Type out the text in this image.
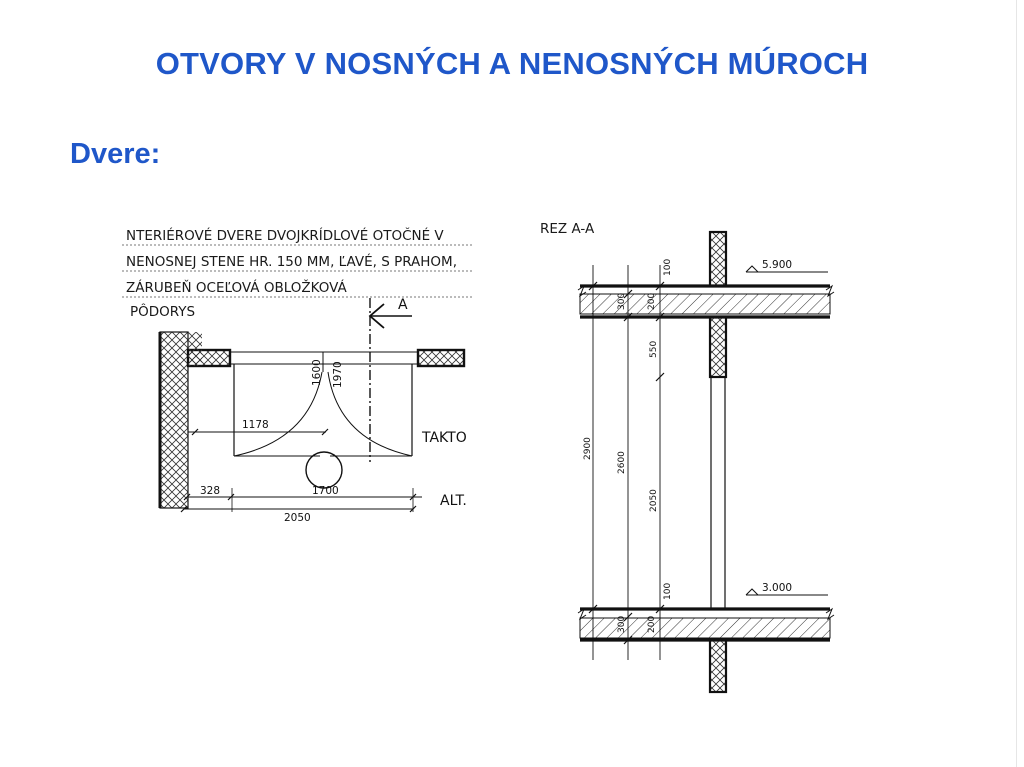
OTVORY V NOSNÝCH A NENOSNÝCH MÚROCH
Dvere:
NTERIÉROVÉ DVERE DVOJKRÍDLOVÉ OTOČNÉ V
NENOSNEJ STENE HR. 150 MM, ĽAVÉ, S PRAHOM,
ZÁRUBEŇ OCEĽOVÁ OBLOŽKOVÁ
PÔDORYS	A
1600 1970
1178
TAKTO
328	1700
2050
ALT.
REZ A-A
5.900
3.000
100
300 200
550
2900
2600
2050
100
300 200
